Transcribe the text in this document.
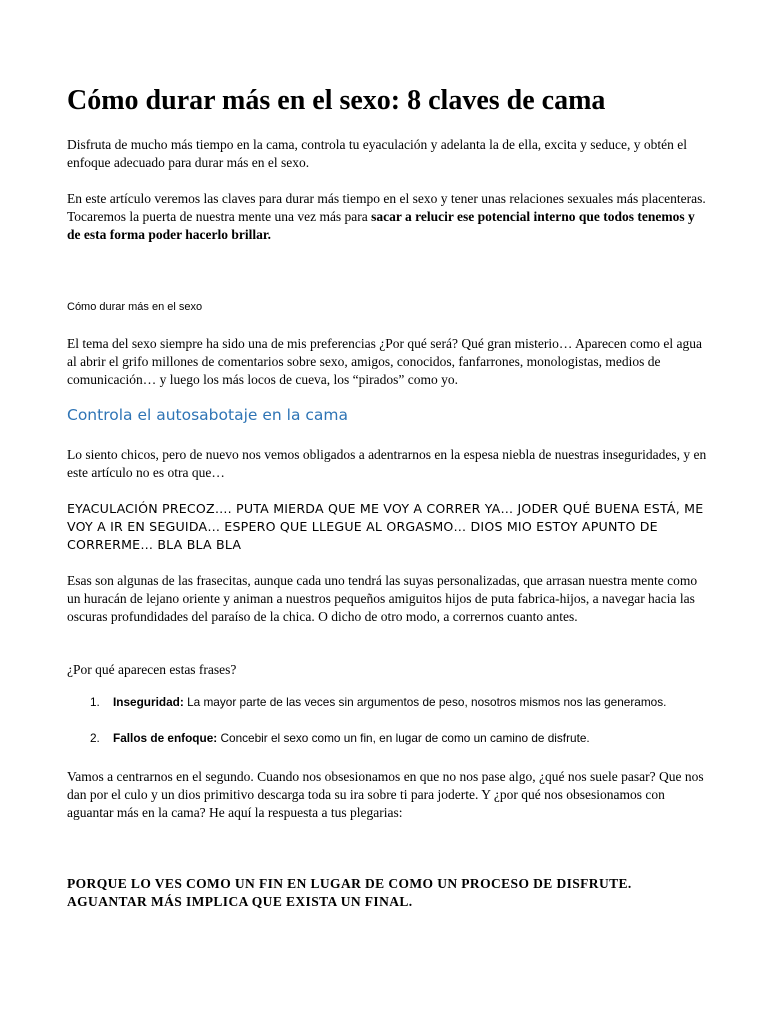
Cómo durar más en el sexo: 8 claves de cama

Disfruta de mucho más tiempo en la cama, controla tu eyaculación y adelanta la de ella, excita y seduce, y obtén el enfoque adecuado para durar más en el sexo.

En este artículo veremos las claves para durar más tiempo en el sexo y tener unas relaciones sexuales más placenteras. Tocaremos la puerta de nuestra mente una vez más para sacar a relucir ese potencial interno que todos tenemos y de esta forma poder hacerlo brillar.

Cómo durar más en el sexo

El tema del sexo siempre ha sido una de mis preferencias ¿Por qué será? Qué gran misterio… Aparecen como el agua al abrir el grifo millones de comentarios sobre sexo, amigos, conocidos, fanfarrones, monologistas, medios de comunicación… y luego los más locos de cueva, los “pirados” como yo.

Controla el autosabotaje en la cama

Lo siento chicos, pero de nuevo nos vemos obligados a adentrarnos en la espesa niebla de nuestras inseguridades, y en este artículo no es otra que…

EYACULACIÓN PRECOZ…. PUTA MIERDA QUE ME VOY A CORRER YA… JODER QUÉ BUENA ESTÁ, ME VOY A IR EN SEGUIDA… ESPERO QUE LLEGUE AL ORGASMO… DIOS MIO ESTOY APUNTO DE CORRERME… BLA BLA BLA

Esas son algunas de las frasecitas, aunque cada uno tendrá las suyas personalizadas, que arrasan nuestra mente como un huracán de lejano oriente y animan a nuestros pequeños amiguitos hijos de puta fabrica-hijos, a navegar hacia las oscuras profundidades del paraíso de la chica. O dicho de otro modo, a corrernos cuanto antes.

¿Por qué aparecen estas frases?

1. Inseguridad: La mayor parte de las veces sin argumentos de peso, nosotros mismos nos las generamos.
2. Fallos de enfoque: Concebir el sexo como un fin, en lugar de como un camino de disfrute.

Vamos a centrarnos en el segundo. Cuando nos obsesionamos en que no nos pase algo, ¿qué nos suele pasar? Que nos dan por el culo y un dios primitivo descarga toda su ira sobre ti para joderte. Y ¿por qué nos obsesionamos con aguantar más en la cama? He aquí la respuesta a tus plegarias:

PORQUE LO VES COMO UN FIN EN LUGAR DE COMO UN PROCESO DE DISFRUTE. AGUANTAR MÁS IMPLICA QUE EXISTA UN FINAL.
